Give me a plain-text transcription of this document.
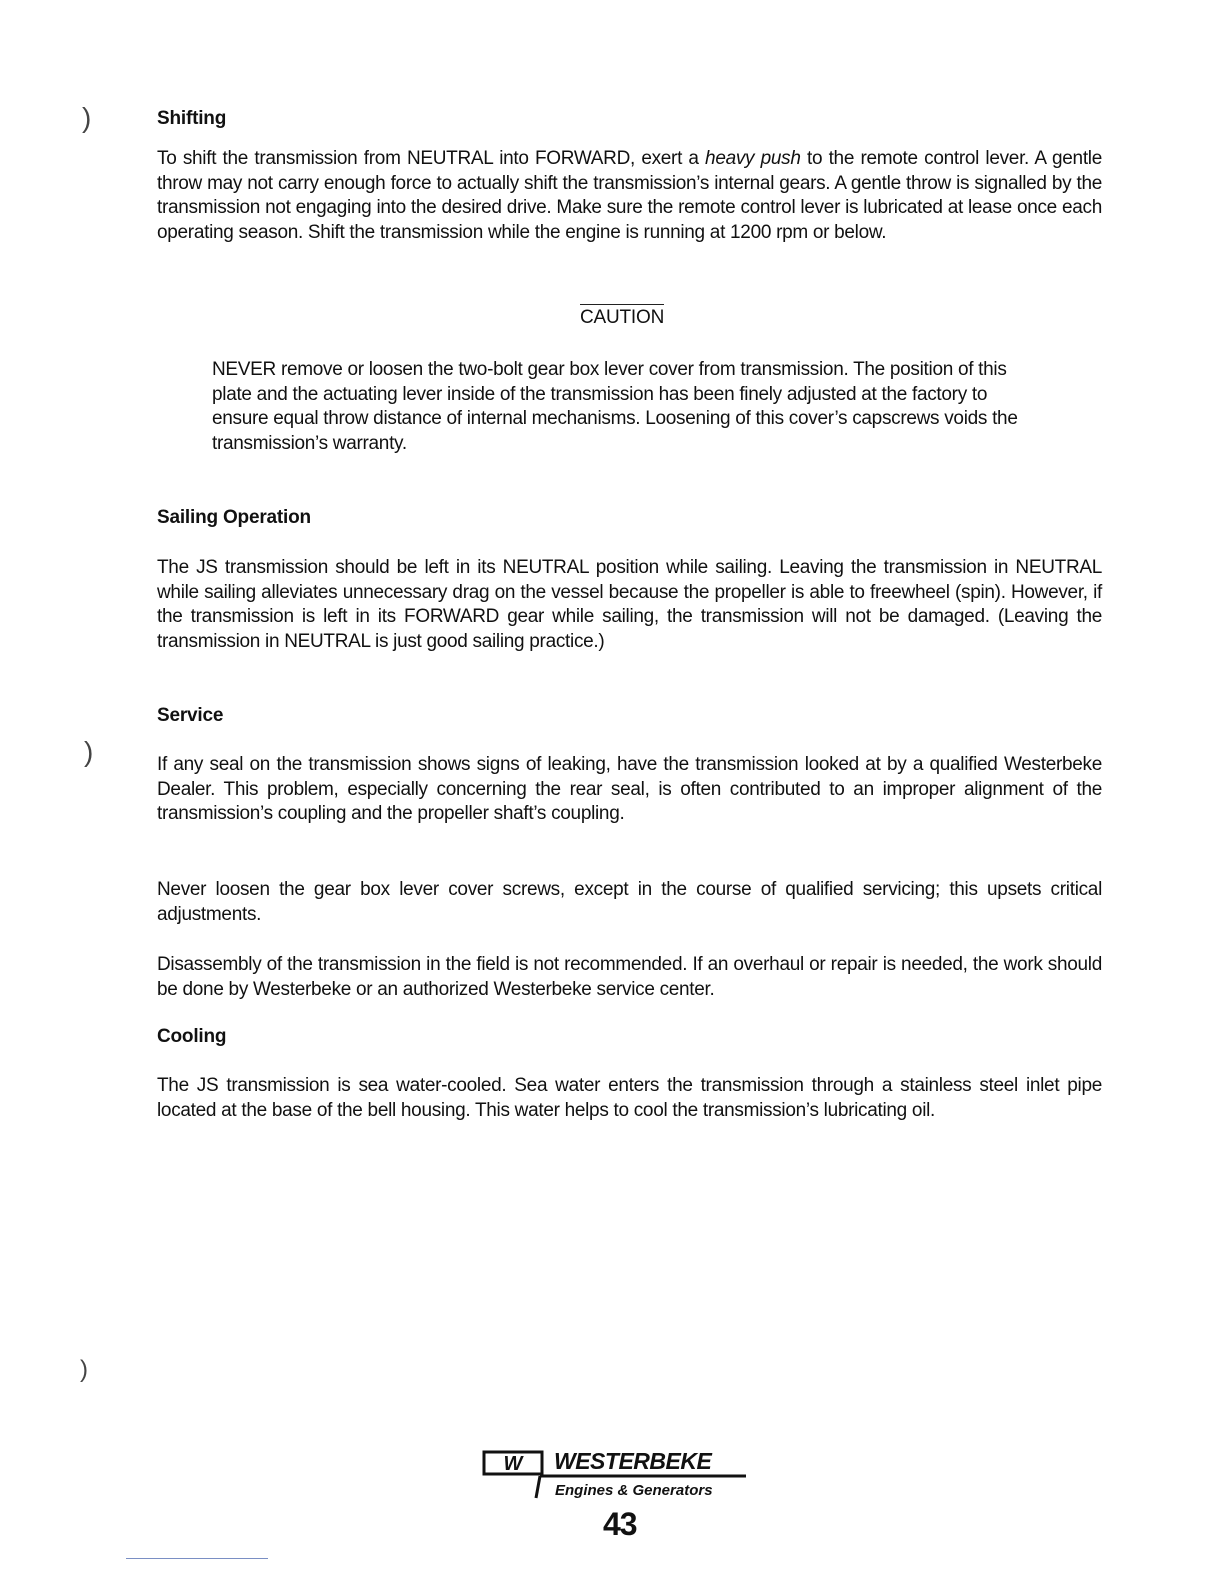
)
)
)
Shifting

To shift the transmission from NEUTRAL into FORWARD, exert a heavy push to the remote control lever. A gentle throw may not carry enough force to actually shift the transmission’s internal gears. A gentle throw is signalled by the transmission not engaging into the desired drive. Make sure the remote control lever is lubricated at lease once each operating season. Shift the transmission while the engine is running at 1200 rpm or below.

CAUTION

NEVER remove or loosen the two-bolt gear box lever cover from transmission. The position of this plate and the actuating lever inside of the transmission has been finely adjusted at the factory to ensure equal throw distance of internal mechanisms. Loosening of this cover’s capscrews voids the transmission’s warranty.

Sailing Operation

The JS transmission should be left in its NEUTRAL position while sailing. Leaving the transmission in NEUTRAL while sailing alleviates unnecessary drag on the vessel because the propeller is able to freewheel (spin). However, if the transmission is left in its FORWARD gear while sailing, the transmission will not be damaged. (Leaving the transmission in NEUTRAL is just good sailing practice.)

Service

If any seal on the transmission shows signs of leaking, have the transmission looked at by a qualified Westerbeke Dealer. This problem, especially concerning the rear seal, is often contributed to an improper alignment of the transmission’s coupling and the propeller shaft’s coupling.

Never loosen the gear box lever cover screws, except in the course of qualified servicing; this upsets critical adjustments.

Disassembly of the transmission in the field is not recommended. If an overhaul or repair is needed, the work should be done by Westerbeke or an authorized Westerbeke service center.

Cooling

The JS transmission is sea water-cooled. Sea water enters the transmission through a stainless steel inlet pipe located at the base of the bell housing. This water helps to cool the transmission’s lubricating oil.

W WESTERBEKE
Engines & Generators
43
